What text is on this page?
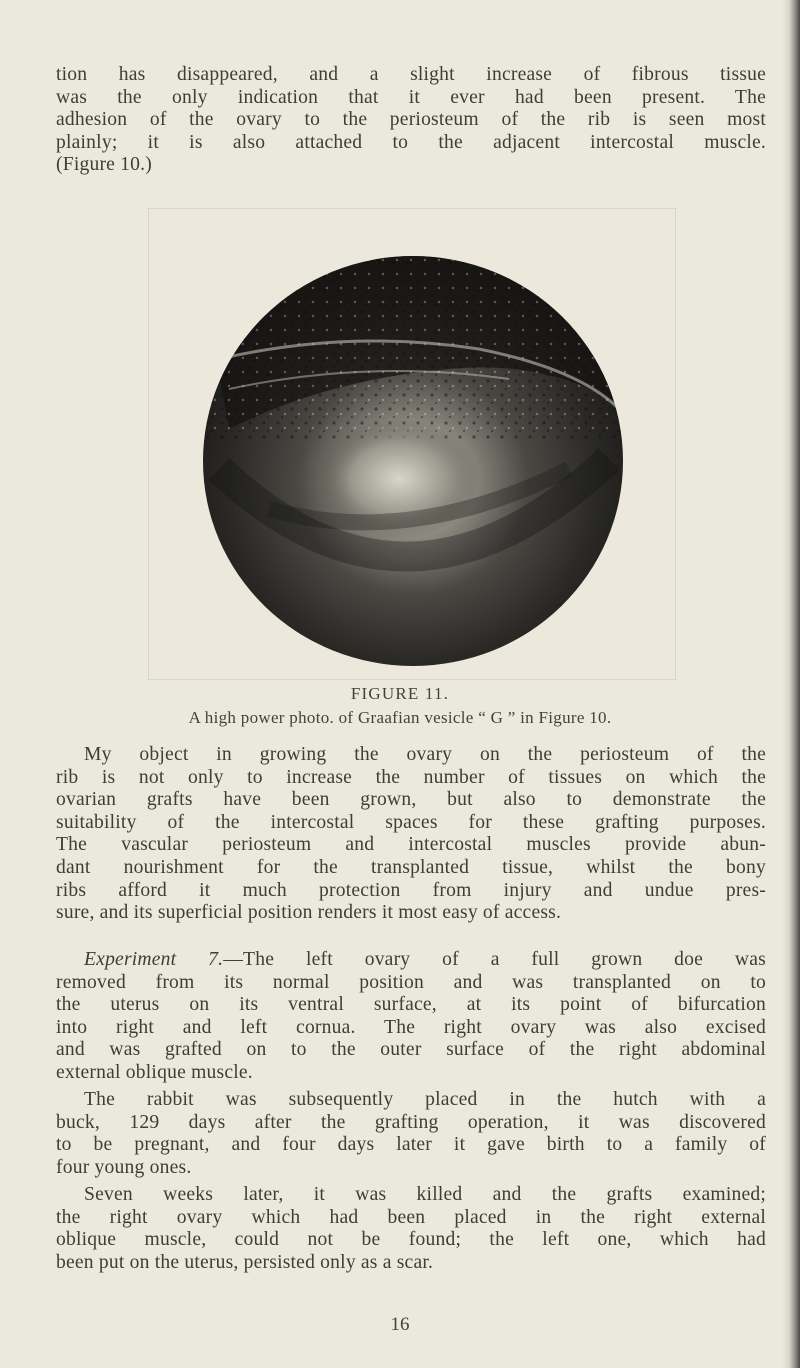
tion has disappeared, and a slight increase of fibrous tissue
was the only indication that it ever had been present. The
adhesion of the ovary to the periosteum of the rib is seen most
plainly; it is also attached to the adjacent intercostal muscle.
(Figure 10.)

FIGURE 11.
A high power photo. of Graafian vesicle “ G ” in Figure 10.

My object in growing the ovary on the periosteum of the
rib is not only to increase the number of tissues on which the
ovarian grafts have been grown, but also to demonstrate the
suitability of the intercostal spaces for these grafting purposes.
The vascular periosteum and intercostal muscles provide abun-
dant nourishment for the transplanted tissue, whilst the bony
ribs afford it much protection from injury and undue pres-
sure, and its superficial position renders it most easy of access.

Experiment 7.—The left ovary of a full grown doe was
removed from its normal position and was transplanted on to
the uterus on its ventral surface, at its point of bifurcation
into right and left cornua. The right ovary was also excised
and was grafted on to the outer surface of the right abdominal
external oblique muscle.

The rabbit was subsequently placed in the hutch with a
buck, 129 days after the grafting operation, it was discovered
to be pregnant, and four days later it gave birth to a family of
four young ones.

Seven weeks later, it was killed and the grafts examined;
the right ovary which had been placed in the right external
oblique muscle, could not be found; the left one, which had
been put on the uterus, persisted only as a scar.

16
